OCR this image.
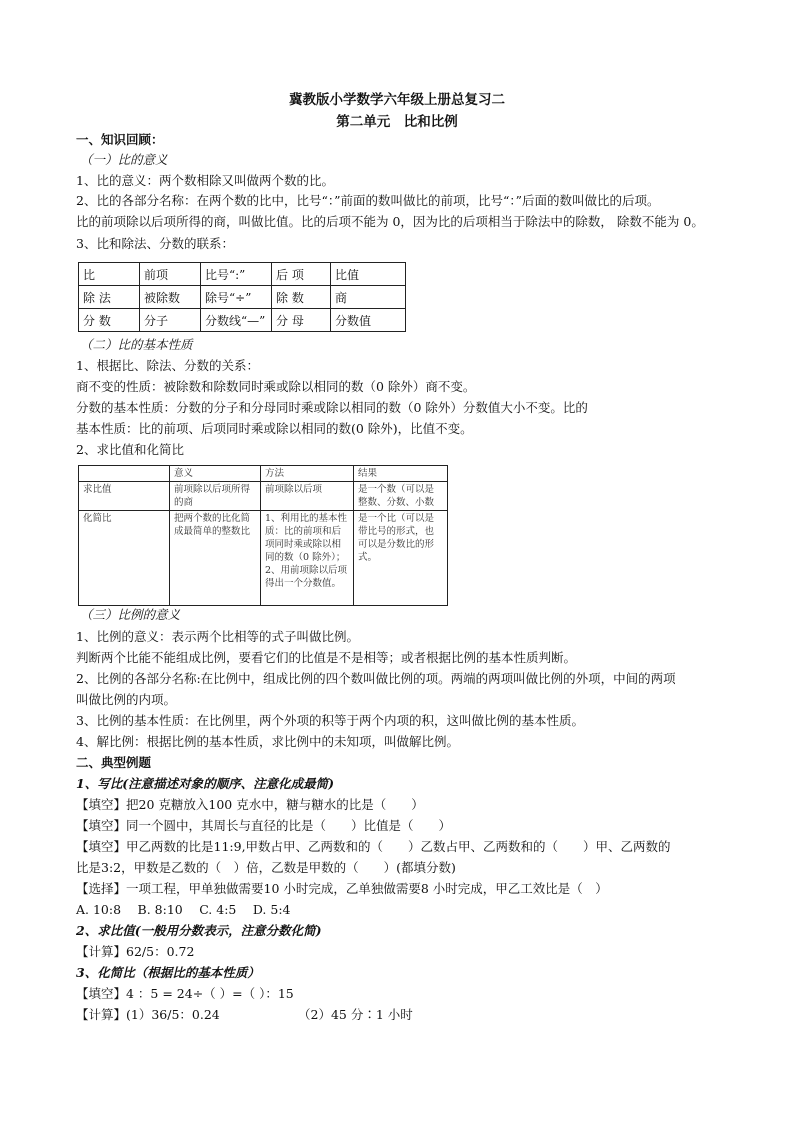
冀教版小学数学六年级上册总复习二
第二单元　比和比例
一、知识回顾：
（一）比的意义
1、比的意义：两个数相除又叫做两个数的比。
2、比的各部分名称：在两个数的比中，比号“：”前面的数叫做比的前项，比号“：”后面的数叫做比的后项。
比的前项除以后项所得的商，叫做比值。比的后项不能为 0，因为比的后项相当于除法中的除数， 除数不能为 0。
3、比和除法、分数的联系：
比	前项	比号“:”	后 项	比值
除 法	被除数	除号“÷”	除 数	商
分 数	分子	分数线“—”	分 母	分数值
（二）比的基本性质
1、根据比、除法、分数的关系：
商不变的性质：被除数和除数同时乘或除以相同的数（0 除外）商不变。
分数的基本性质：分数的分子和分母同时乘或除以相同的数（0 除外）分数值大小不变。比的
基本性质：比的前项、后项同时乘或除以相同的数(0 除外)，比值不变。
2、求比值和化简比
	意义	方法	结果
求比值	前项除以后项所得的商	前项除以后项	是一个数（可以是整数、分数、小数
化简比	把两个数的比化简成最简单的整数比	1、利用比的基本性质：比的前项和后项同时乘或除以相同的数（0 除外）；2、用前项除以后项得出一个分数值。	是一个比（可以是带比号的形式，也可以是分数比的形式。
（三）比例的意义
1、比例的意义：表示两个比相等的式子叫做比例。
判断两个比能不能组成比例，要看它们的比值是不是相等；或者根据比例的基本性质判断。
2、比例的各部分名称:在比例中，组成比例的四个数叫做比例的项。两端的两项叫做比例的外项，中间的两项
叫做比例的内项。
3、比例的基本性质：在比例里，两个外项的积等于两个内项的积，这叫做比例的基本性质。
4、解比例：根据比例的基本性质，求比例中的未知项，叫做解比例。
二、典型例题
1、写比(注意描述对象的顺序、注意化成最简)
【填空】把20 克糖放入100 克水中，糖与糖水的比是（　　）
【填空】同一个圆中，其周长与直径的比是（　　）比值是（　　）
【填空】甲乙两数的比是11:9,甲数占甲、乙两数和的（　　）乙数占甲、乙两数和的（　　）甲、乙两数的
比是3:2，甲数是乙数的（　）倍，乙数是甲数的（　　）(都填分数)
【选择】一项工程，甲单独做需要10 小时完成，乙单独做需要8 小时完成，甲乙工效比是（　）
A. 10:8　 B. 8:10　 C. 4:5　 D. 5:4
2、求比值(一般用分数表示，注意分数化简)
【计算】62/5：0.72
3、化简比（根据比的基本性质）
【填空】4 ：5 = 24÷（ ）=（ ）：15
【计算】(1）36/5：0.24	（2）45 分∶1 小时
